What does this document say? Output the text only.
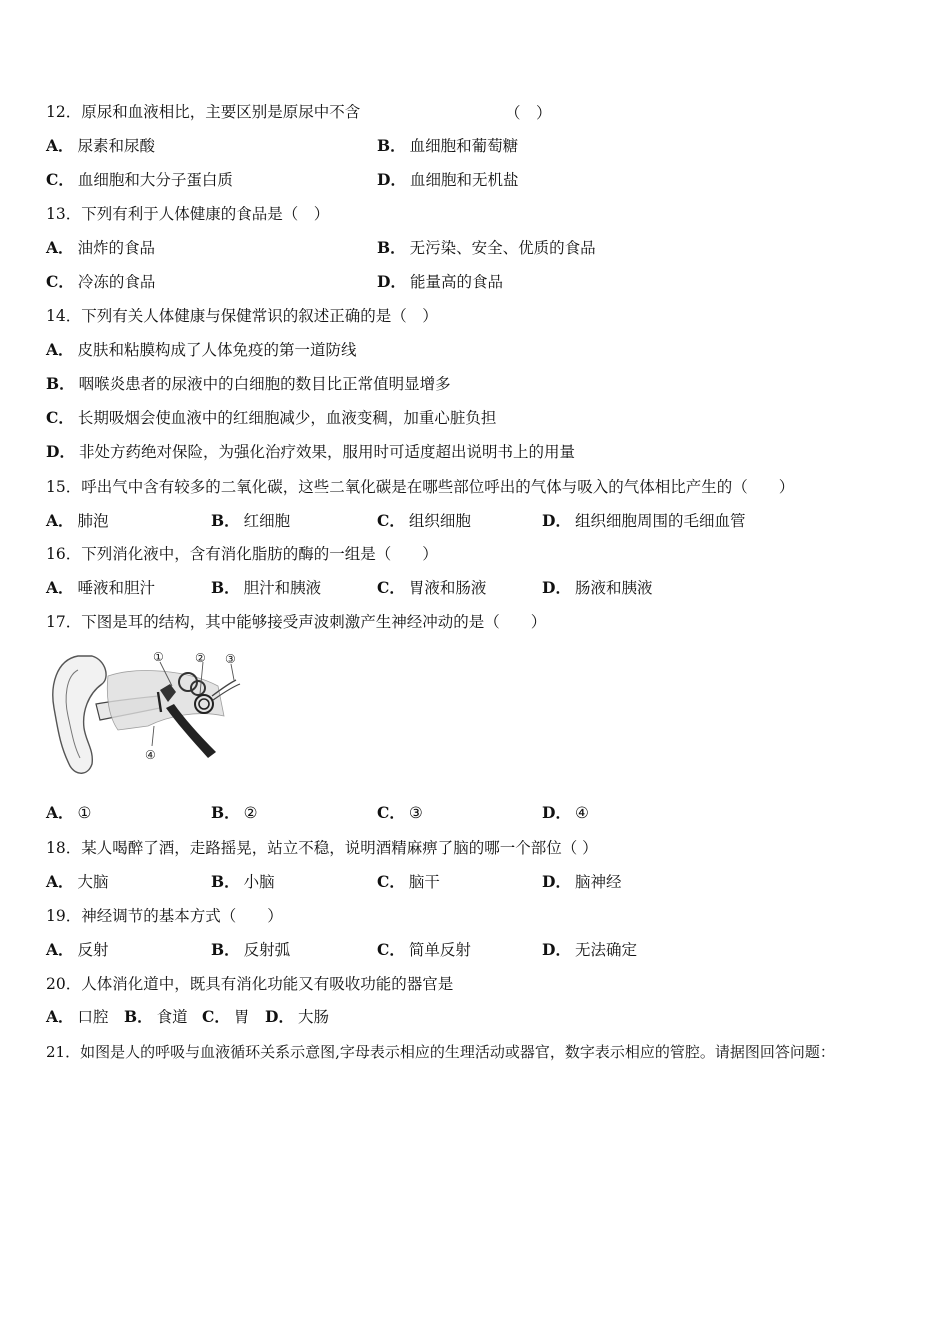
12．原尿和血液相比，主要区别是原尿中不含	（　）
A． 尿素和尿酸	B． 血细胞和葡萄糖
C． 血细胞和大分子蛋白质	D． 血细胞和无机盐
13．下列有利于人体健康的食品是（　）
A． 油炸的食品	B． 无污染、安全、优质的食品
C． 冷冻的食品	D． 能量高的食品
14．下列有关人体健康与保健常识的叙述正确的是（　）
A． 皮肤和粘膜构成了人体免疫的第一道防线
B． 咽喉炎患者的尿液中的白细胞的数目比正常值明显增多
C． 长期吸烟会使血液中的红细胞减少，血液变稠，加重心脏负担
D． 非处方药绝对保险，为强化治疗效果，服用时可适度超出说明书上的用量
15．呼出气中含有较多的二氧化碳，这些二氧化碳是在哪些部位呼出的气体与吸入的气体相比产生的（　　）
A． 肺泡	B． 红细胞	C． 组织细胞	D． 组织细胞周围的毛细血管
16．下列消化液中，含有消化脂肪的酶的一组是（　　）
A． 唾液和胆汁	B． 胆汁和胰液	C． 胃液和肠液	D． 肠液和胰液
17．下图是耳的结构，其中能够接受声波刺激产生神经冲动的是（　　）
①	② ③
④
A． ①	B． ②	C． ③	D． ④
18．某人喝醉了酒，走路摇晃，站立不稳，说明酒精麻痹了脑的哪一个部位（ ）
A． 大脑	B． 小脑	C． 脑干	D． 脑神经
19．神经调节的基本方式（　　）
A． 反射	B． 反射弧	C． 简单反射	D． 无法确定
20．人体消化道中，既具有消化功能又有吸收功能的器官是
A． 口腔 B． 食道 C． 胃 D． 大肠
21．如图是人的呼吸与血液循环关系示意图,字母表示相应的生理活动或器官，数字表示相应的管腔。请据图回答问题：
